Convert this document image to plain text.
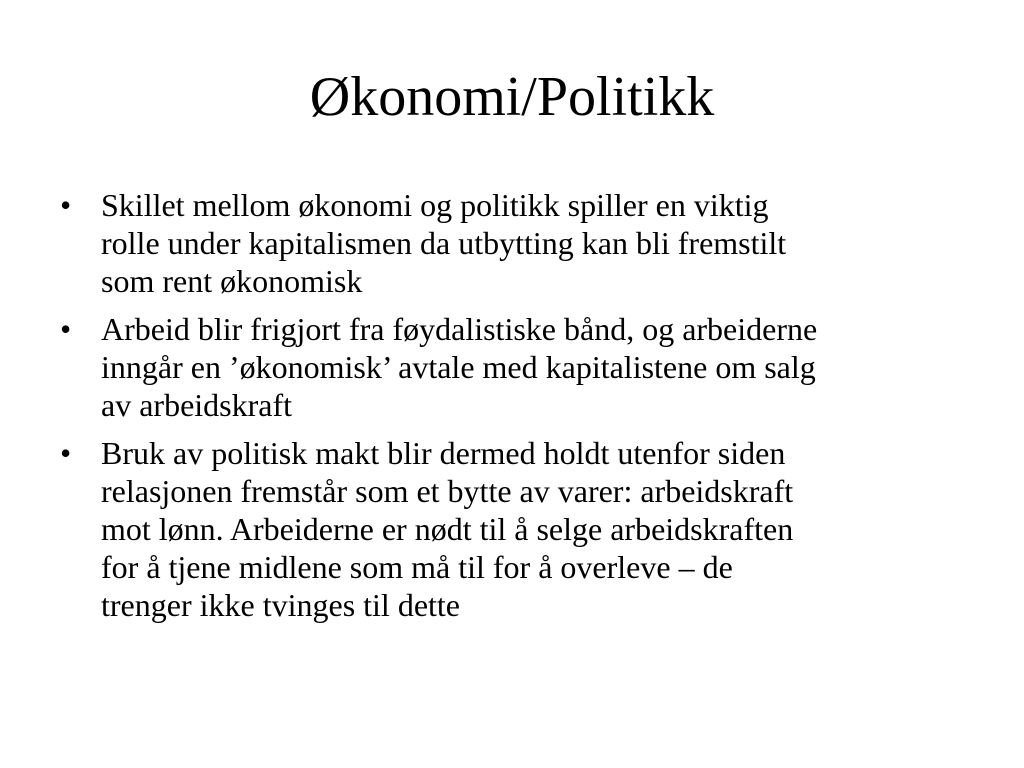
Økonomi/Politikk
• Skillet mellom økonomi og politikk spiller en viktig
rolle under kapitalismen da utbytting kan bli fremstilt
som rent økonomisk
• Arbeid blir frigjort fra føydalistiske bånd, og arbeiderne
inngår en ’økonomisk’ avtale med kapitalistene om salg
av arbeidskraft
• Bruk av politisk makt blir dermed holdt utenfor siden
relasjonen fremstår som et bytte av varer: arbeidskraft
mot lønn. Arbeiderne er nødt til å selge arbeidskraften
for å tjene midlene som må til for å overleve – de
trenger ikke tvinges til dette
